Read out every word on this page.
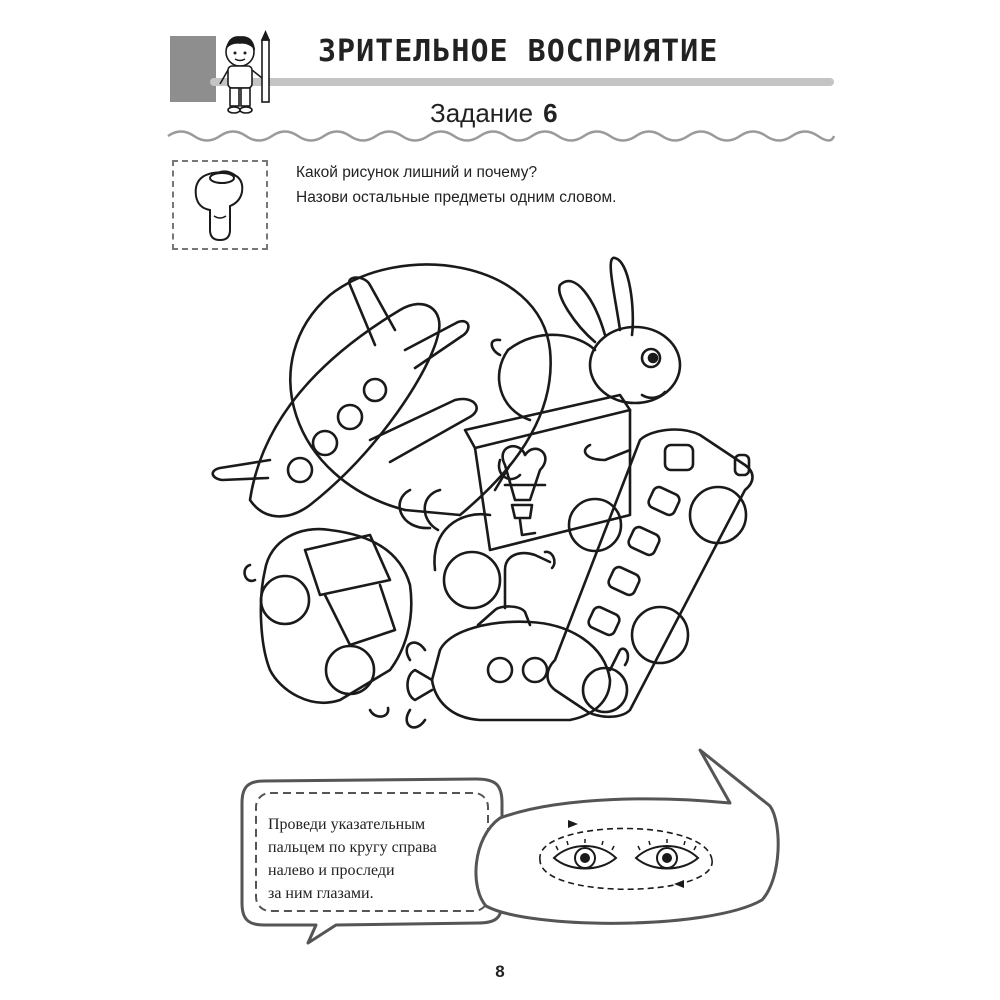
ЗРИТЕЛЬНОЕ ВОСПРИЯТИЕ
Задание 6
Какой рисунок лишний и почему?
Назови остальные предметы одним словом.
Проведи указательным
пальцем по кругу справа
налево и проследи
за ним глазами.
8
